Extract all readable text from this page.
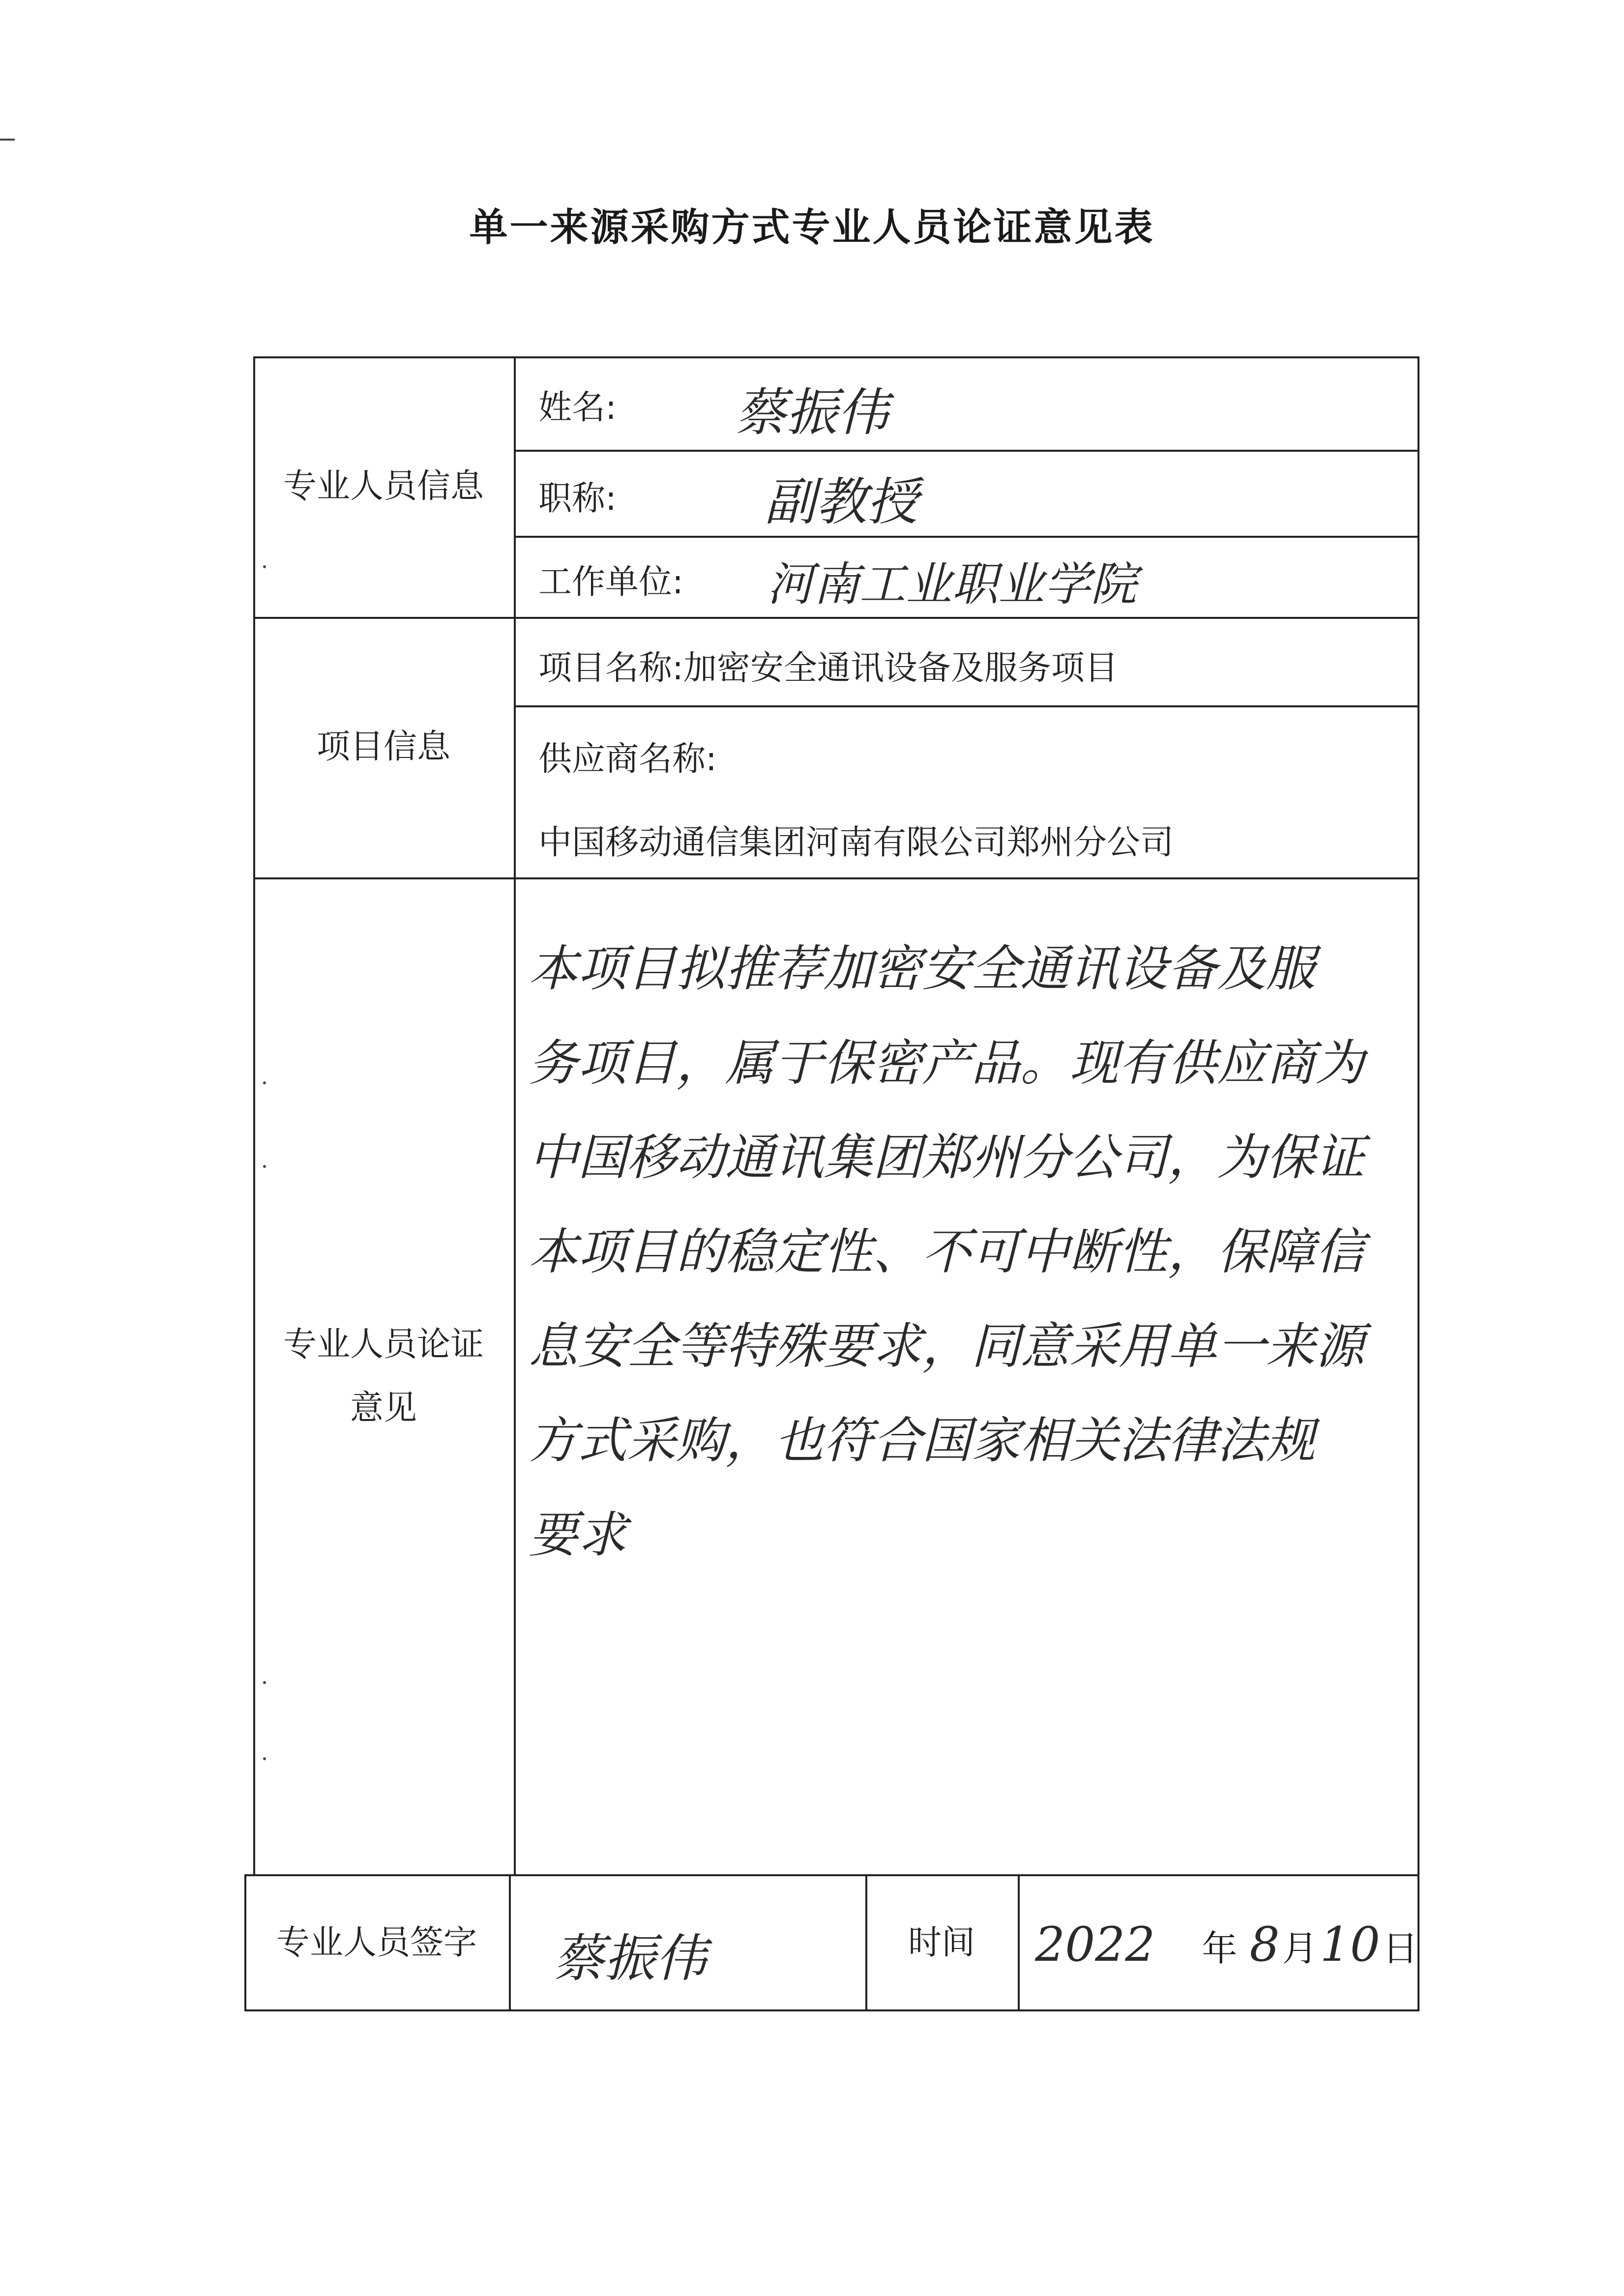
单一来源采购方式专业人员论证意见表
专业人员信息
姓名: 蔡振伟
职称:	副教授
工作单位: 河南工业职业学院
项目信息
项目名称:加密安全通讯设备及服务项目
供应商名称:
中国移动通信集团河南有限公司郑州分公司
专业人员论证
意见
本项目拟推荐加密安全通讯设备及服
务项目，属于保密产品。现有供应商为
中国移动通讯集团郑州分公司，为保证
本项目的稳定性、不可中断性，保障信
息安全等特殊要求，同意采用单一来源
方式采购，也符合国家相关法律法规
要求
专业人员签字	蔡振伟	时间	2022 年 8 月 10 日
